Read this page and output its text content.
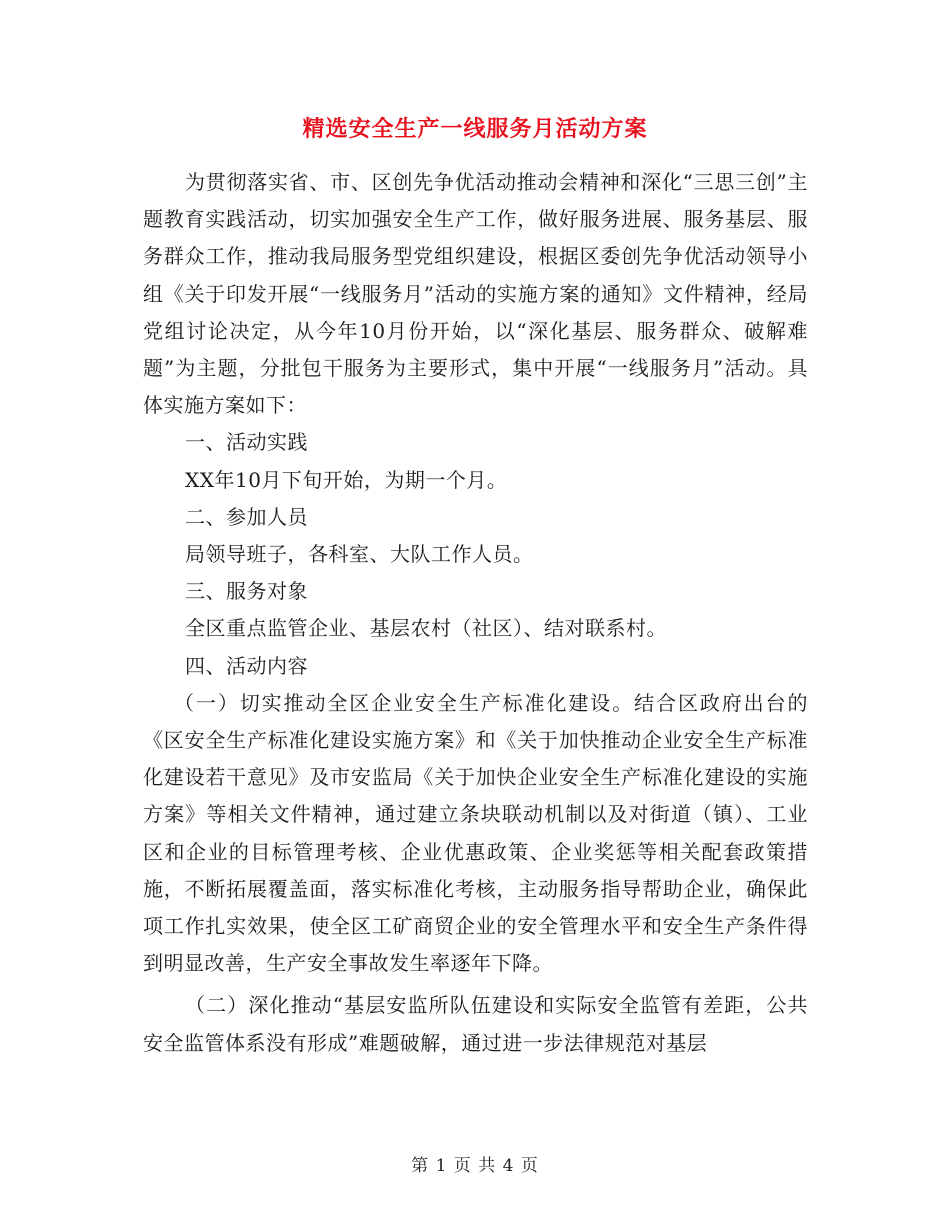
精选安全生产一线服务月活动方案

为贯彻落实省、市、区创先争优活动推动会精神和深化“三思三创”主题教育实践活动，切实加强安全生产工作，做好服务进展、服务基层、服务群众工作，推动我局服务型党组织建设，根据区委创先争优活动领导小组《关于印发开展“一线服务月”活动的实施方案的通知》文件精神，经局党组讨论决定，从今年10月份开始，以“深化基层、服务群众、破解难题”为主题，分批包干服务为主要形式，集中开展“一线服务月”活动。具体实施方案如下：

一、活动实践

XX年10月下旬开始，为期一个月。

二、参加人员

局领导班子，各科室、大队工作人员。

三、服务对象

全区重点监管企业、基层农村（社区）、结对联系村。

四、活动内容

（一）切实推动全区企业安全生产标准化建设。结合区政府出台的《区安全生产标准化建设实施方案》和《关于加快推动企业安全生产标准化建设若干意见》及市安监局《关于加快企业安全生产标准化建设的实施方案》等相关文件精神，通过建立条块联动机制以及对街道（镇）、工业区和企业的目标管理考核、企业优惠政策、企业奖惩等相关配套政策措施，不断拓展覆盖面，落实标准化考核，主动服务指导帮助企业，确保此项工作扎实效果，使全区工矿商贸企业的安全管理水平和安全生产条件得到明显改善，生产安全事故发生率逐年下降。

（二）深化推动“基层安监所队伍建设和实际安全监管有差距，公共安全监管体系没有形成”难题破解，通过进一步法律规范对基层

第 1 页 共 4 页
